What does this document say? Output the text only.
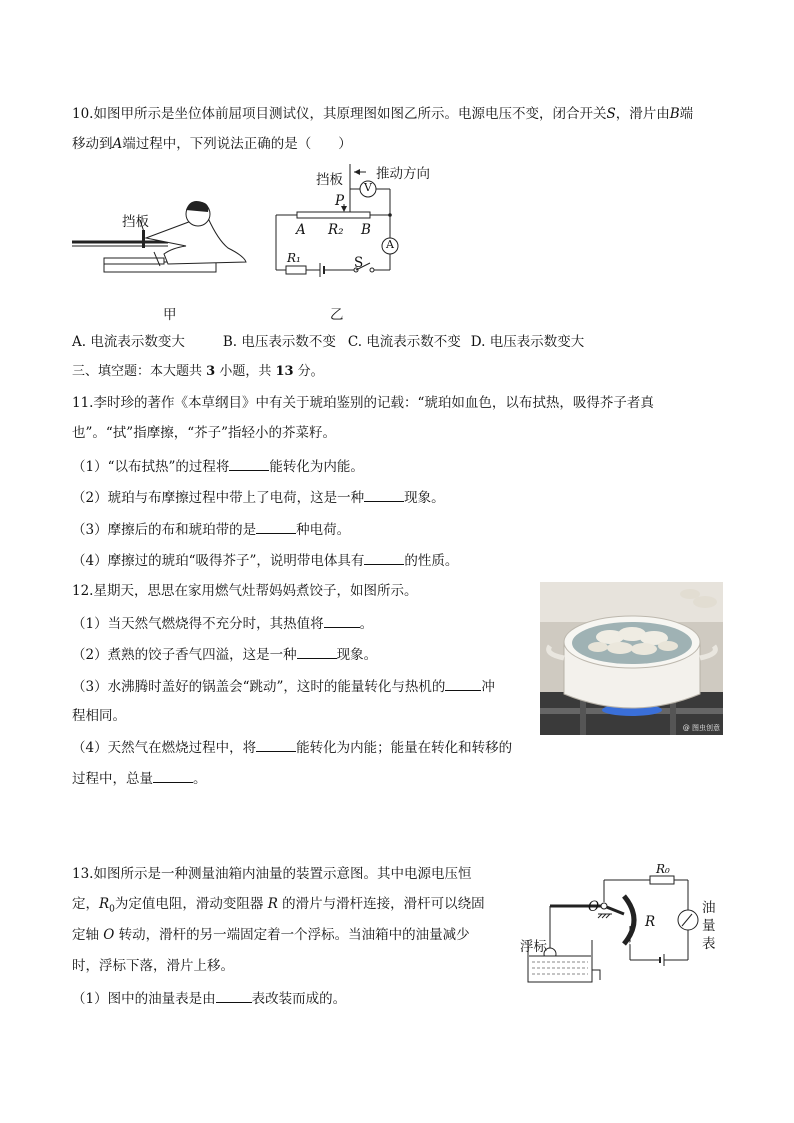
10.如图甲所示是坐位体前屈项目测试仪，其原理图如图乙所示。电源电压不变，闭合开关S，滑片由B端
移动到A端过程中，下列说法正确的是（　　）
挡板
甲
挡板 推动方向
P
A R₂ B
R₁	S
V
A
乙
A. 电流表示数变大	B. 电压表示数不变 C. 电流表示数不变 D. 电压表示数变大
三、填空题：本大题共 3 小题，共 13 分。
11.李时珍的著作《本草纲目》中有关于琥珀鉴别的记载：“琥珀如血色，以布拭热，吸得芥子者真
也”。“拭”指摩擦，“芥子”指轻小的芥菜籽。
（1）“以布拭热”的过程将	能转化为内能。
（2）琥珀与布摩擦过程中带上了电荷，这是一种	现象。
（3）摩擦后的布和琥珀带的是	种电荷。
（4）摩擦过的琥珀“吸得芥子”，说明带电体具有	的性质。
12.星期天，思思在家用燃气灶帮妈妈煮饺子，如图所示。
（1）当天然气燃烧得不充分时，其热值将	。
（2）煮熟的饺子香气四溢，这是一种	现象。
（3）水沸腾时盖好的锅盖会“跳动”，这时的能量转化与热机的	冲
程相同。
（4）天然气在燃烧过程中，将	能转化为内能；能量在转化和转移的
过程中，总量	。
@ 图虫创意
13.如图所示是一种测量油箱内油量的装置示意图。其中电源电压恒
定，$R_0$为定值电阻，滑动变阻器 R 的滑片与滑杆连接，滑杆可以绕固
定轴 O 转动，滑杆的另一端固定着一个浮标。当油箱中的油量减少
时，浮标下落，滑片上移。
（1）图中的油量表是由	表改装而成的。
R₀
O
R
浮标
油
量
表
